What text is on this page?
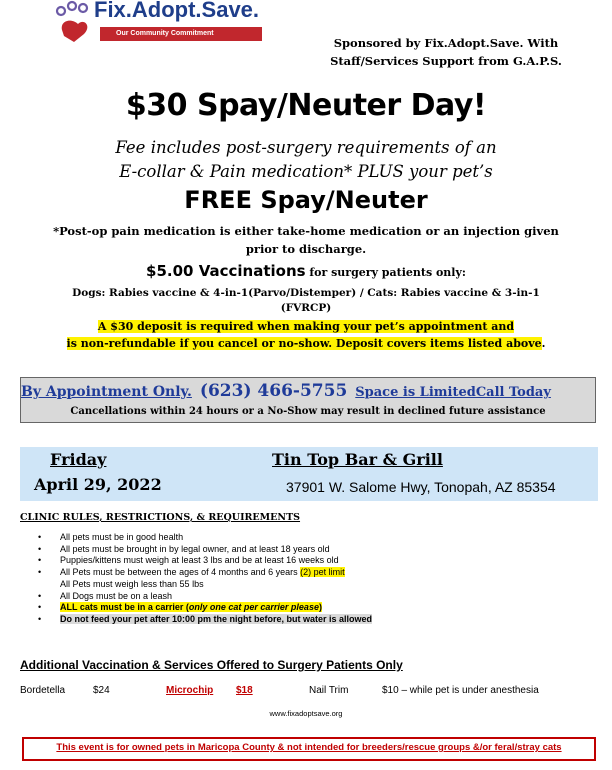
Fix.Adopt.Save.
Our Community Commitment
Sponsored by Fix.Adopt.Save. With
Staff/Services Support from G.A.P.S.
$30 Spay/Neuter Day!
Fee includes post-surgery requirements of an
E-collar & Pain medication* PLUS your pet’s
FREE Spay/Neuter
*Post-op pain medication is either take-home medication or an injection given
prior to discharge.
$5.00 Vaccinations for surgery patients only:
Dogs: Rabies vaccine & 4-in-1(Parvo/Distemper) / Cats: Rabies vaccine & 3-in-1
(FVRCP)
A $30 deposit is required when making your pet’s appointment and
is non-refundable if you cancel or no-show. Deposit covers items listed above.
By Appointment Only. (623) 466-5755 Space is LimitedCall Today
Cancellations within 24 hours or a No-Show may result in declined future assistance
Friday
April 29, 2022
Tin Top Bar & Grill
37901 W. Salome Hwy, Tonopah, AZ 85354
CLINIC RULES, RESTRICTIONS, & REQUIREMENTS
• All pets must be in good health
• All pets must be brought in by legal owner, and at least 18 years old
• Puppies/kittens must weigh at least 3 lbs and be at least 16 weeks old
• All Pets must be between the ages of 4 months and 6 years (2) pet limit
All Pets must weigh less than 55 lbs
• All Dogs must be on a leash
• ALL cats must be in a carrier (only one cat per carrier please)
• Do not feed your pet after 10:00 pm the night before, but water is allowed
Additional Vaccination & Services Offered to Surgery Patients Only
Bordetella	$24	Microchip $18	Nail Trim	$10 – while pet is under anesthesia
www.fixadoptsave.org
This event is for owned pets in Maricopa County & not intended for breeders/rescue groups &/or feral/stray cats
